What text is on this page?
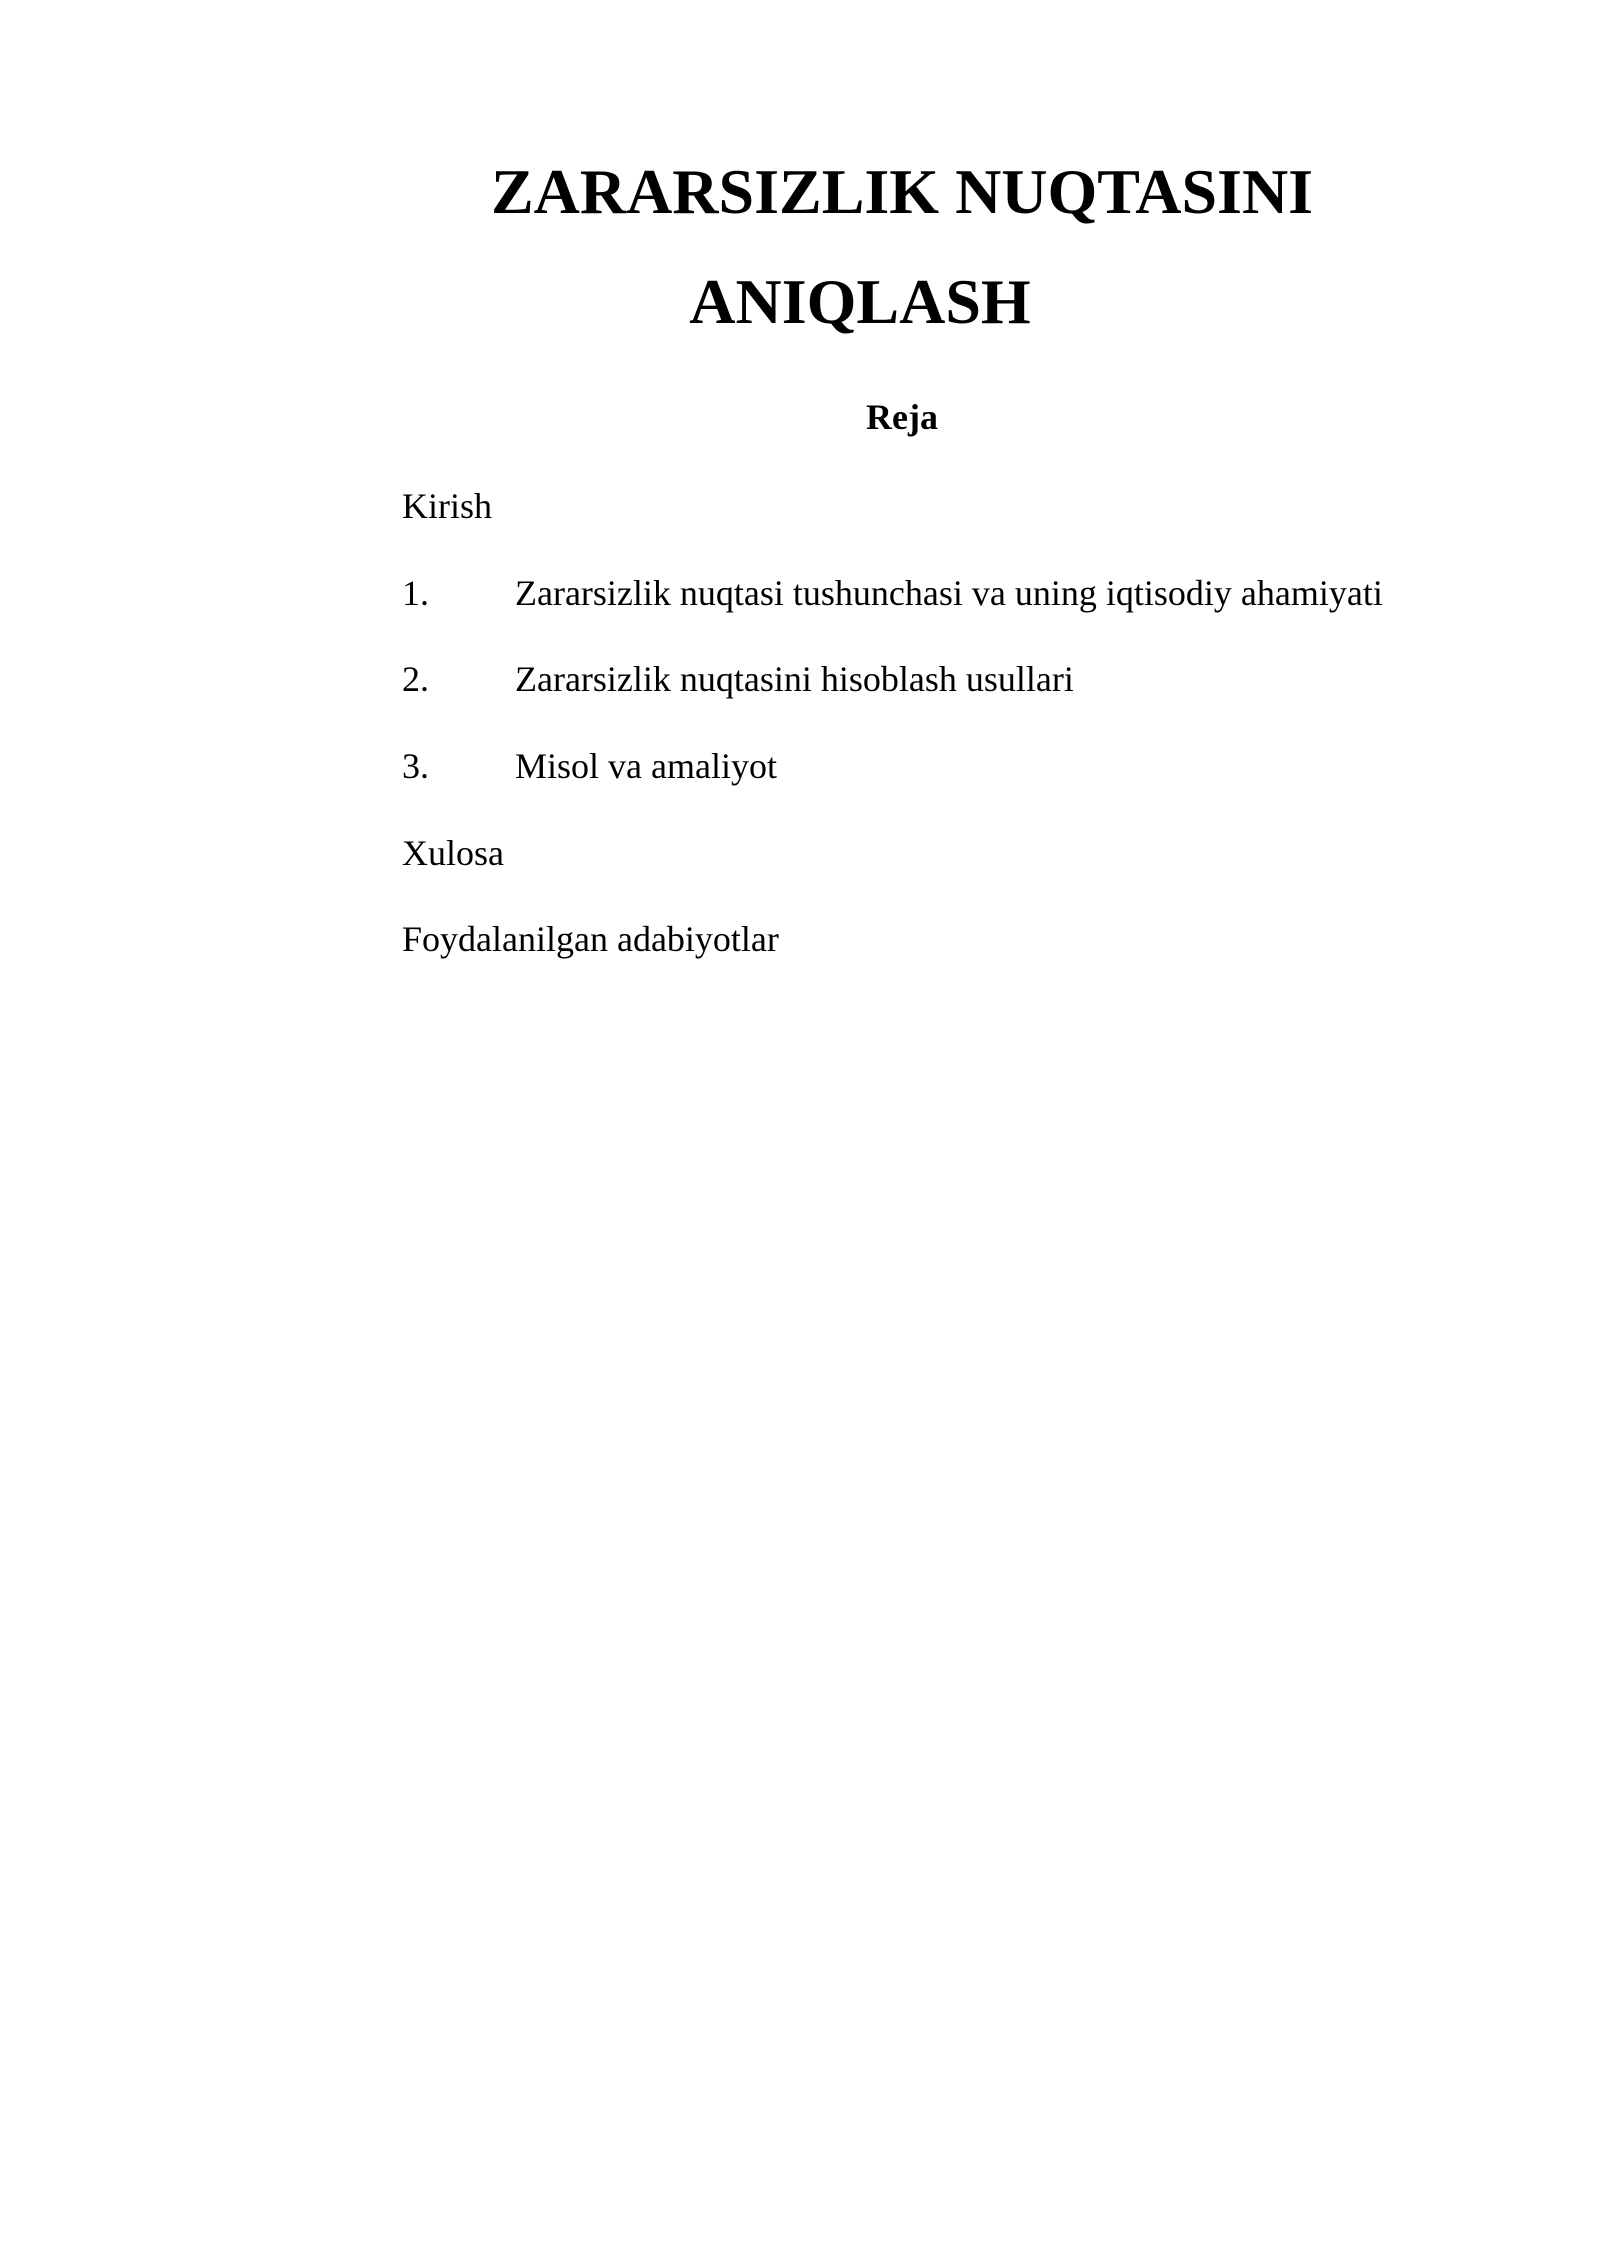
ZARARSIZLIK NUQTASINI
ANIQLASH
Reja
Kirish
1. Zararsizlik nuqtasi tushunchasi va uning iqtisodiy ahamiyati
2. Zararsizlik nuqtasini hisoblash usullari
3. Misol va amaliyot
Xulosa
Foydalanilgan adabiyotlar
